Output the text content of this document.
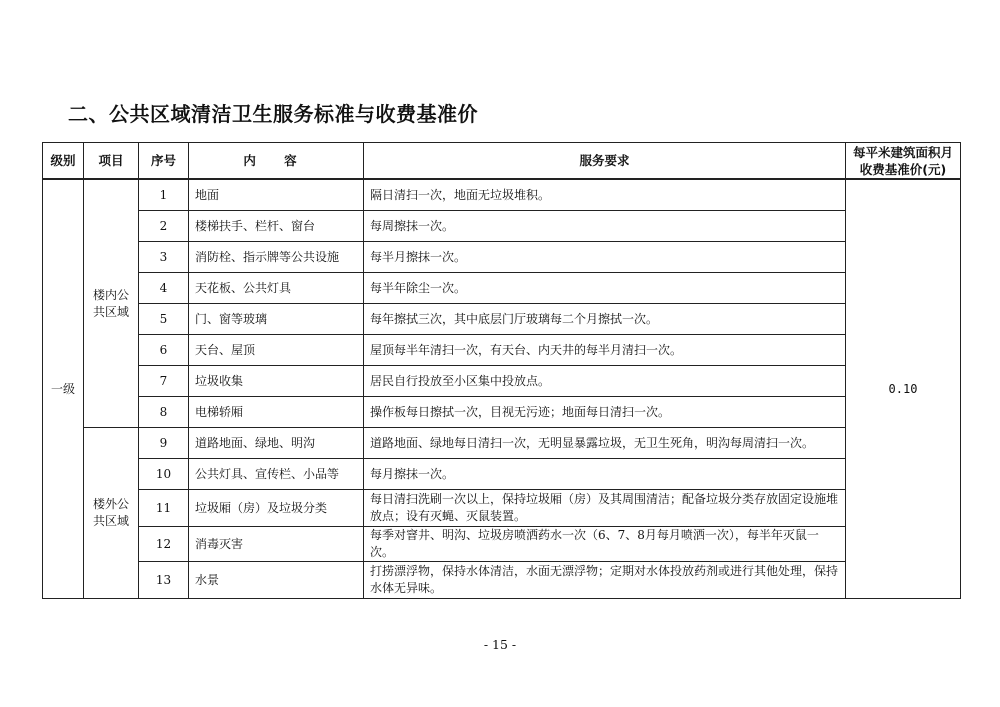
二、公共区域清洁卫生服务标准与收费基准价
级别	项目	序号	内 容	服务要求	每平米建筑面积月
收费基准价(元)

一级	楼内公共区域	1	地面	隔日清扫一次，地面无垃圾堆积。	0.10
		2	楼梯扶手、栏杆、窗台	每周擦抹一次。	
		3	消防栓、指示牌等公共设施	每半月擦抹一次。	
		4	天花板、公共灯具	每半年除尘一次。	
		5	门、窗等玻璃	每年擦拭三次，其中底层门厅玻璃每二个月擦拭一次。	
		6	天台、屋顶	屋顶每半年清扫一次，有天台、内天井的每半月清扫一次。	
		7	垃圾收集	居民自行投放至小区集中投放点。	
		8	电梯轿厢	操作板每日擦拭一次，目视无污迹；地面每日清扫一次。	
	楼外公共区域	9	道路地面、绿地、明沟	道路地面、绿地每日清扫一次，无明显暴露垃圾，无卫生死角，明沟每周清扫一次。	
		10	公共灯具、宣传栏、小品等	每月擦抹一次。	
		11	垃圾厢（房）及垃圾分类	每日清扫洗刷一次以上，保持垃圾厢（房）及其周围清洁；配备垃圾分类存放固定设施堆放点；设有灭蝇、灭鼠装置。	
		12	消毒灭害	每季对窨井、明沟、垃圾房喷洒药水一次（6、7、8月每月喷洒一次），每半年灭鼠一次。	
		13	水景	打捞漂浮物，保持水体清洁，水面无漂浮物；定期对水体投放药剂或进行其他处理，保持水体无异味。	
- 15 -
